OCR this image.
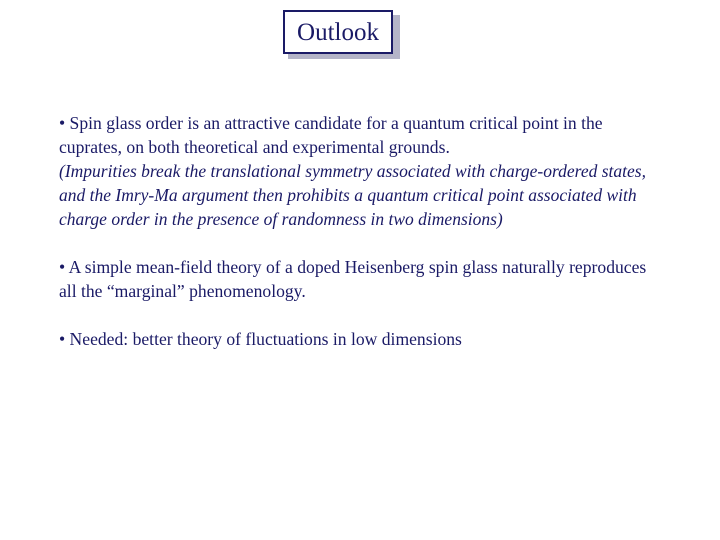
Outlook

• Spin glass order is an attractive candidate for a quantum critical point in the cuprates, on both theoretical and experimental grounds.

(Impurities break the translational symmetry associated with charge-ordered states, and the Imry-Ma argument then prohibits a quantum critical point associated with charge order in the presence of randomness in two dimensions)

• A simple mean-field theory of a doped Heisenberg spin glass naturally reproduces all the “marginal” phenomenology.

• Needed: better theory of fluctuations in low dimensions
